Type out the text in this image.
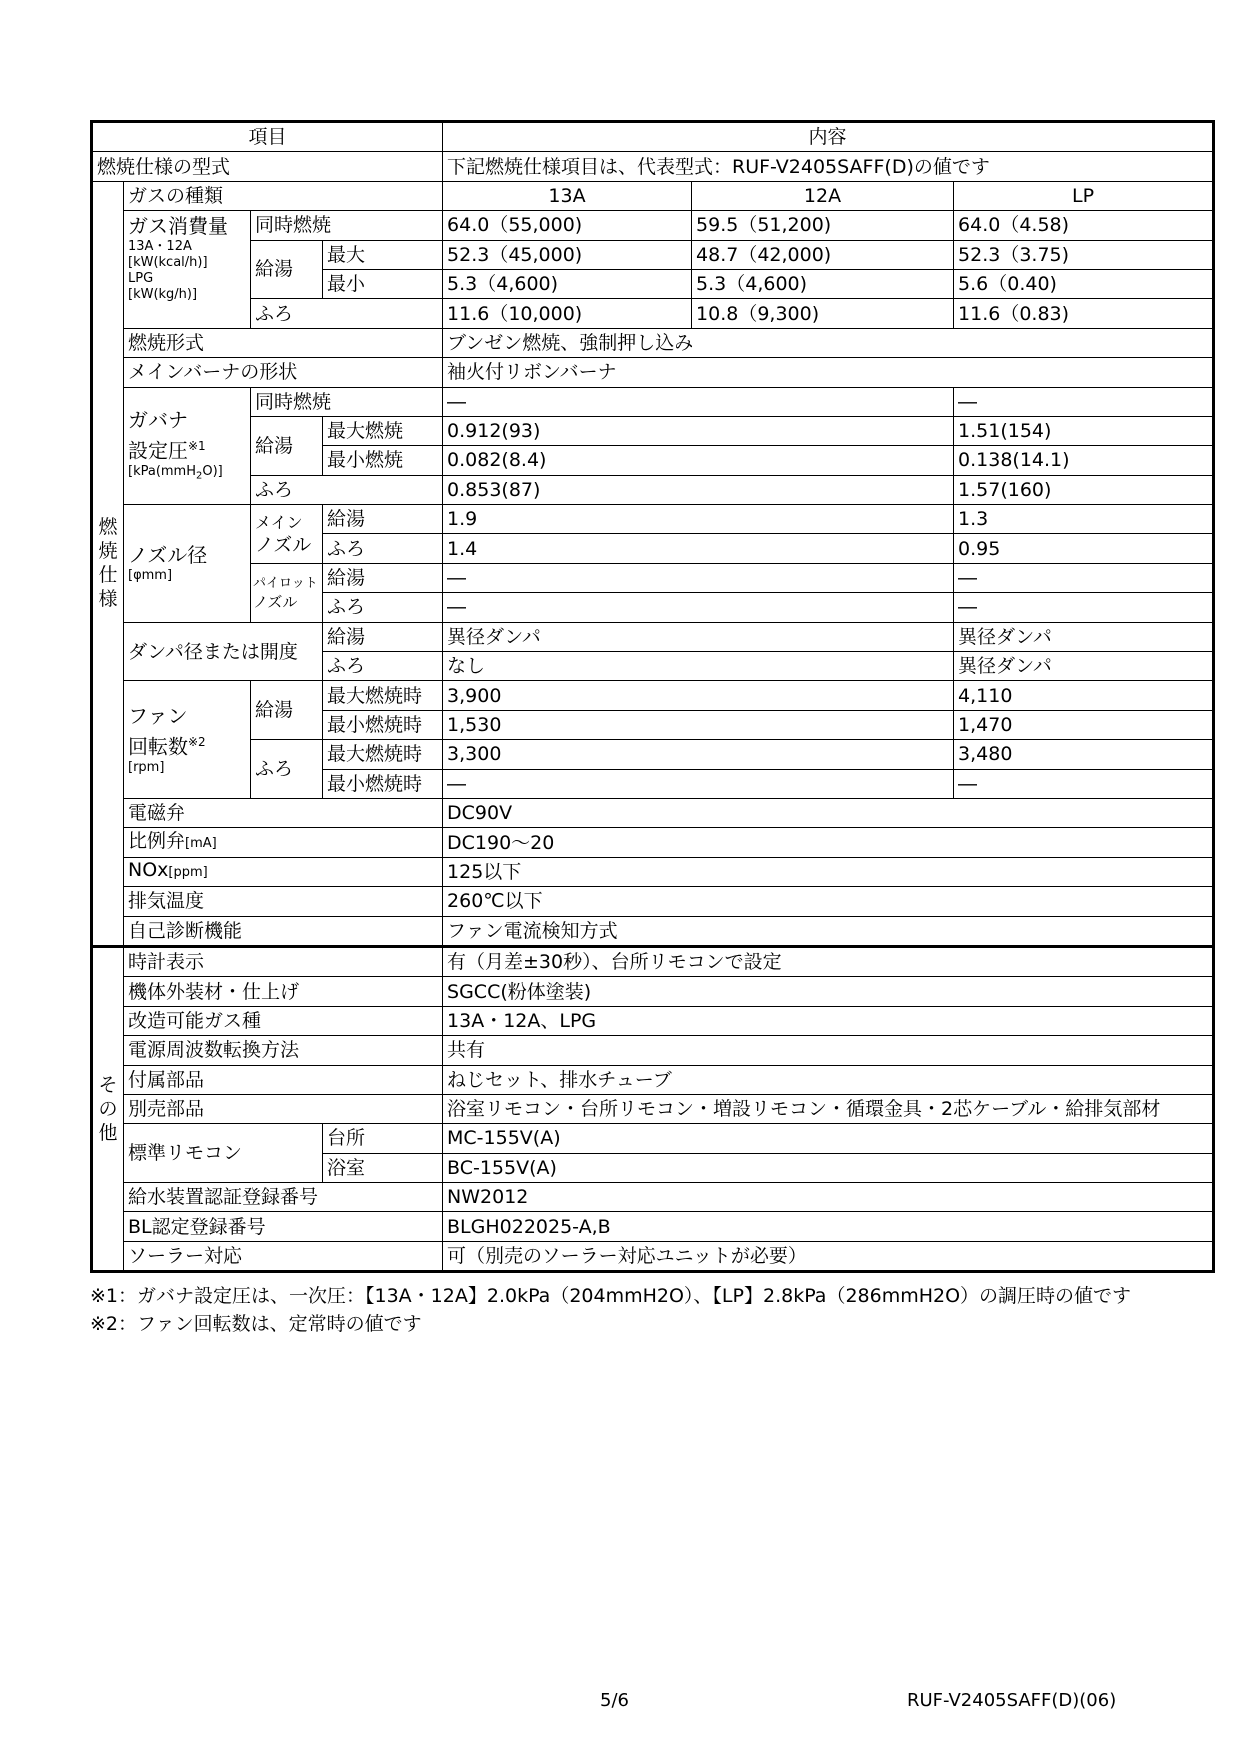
項目				内容		
燃焼仕様の型式				下記燃焼仕様項目は、代表型式：RUF-V2405SAFF(D)の値です		

燃
焼
仕
様	ガスの種類			13A	12A	LP

	ガス消費量
13A・12A
[kW(kcal/h)]
LPG
[kW(kg/h)]	同時燃焼		64.0（55,000)	59.5（51,200)	64.0（4.58)
		給湯	最大	52.3（45,000)	48.7（42,000)	52.3（3.75)
			最小	5.3（4,600)	5.3（4,600)	5.6（0.40)
		ふろ		11.6（10,000)	10.8（9,300)	11.6（0.83)
	燃焼形式			ブンゼン燃焼、強制押し込み		
	メインバーナの形状			袖火付リボンバーナ		

	ガバナ
設定圧$^{※1}$
[kPa(mmH$_2$O)]	同時燃焼		―		―
		給湯	最大燃焼	0.912(93)		1.51(154)
			最小燃焼	0.082(8.4)		0.138(14.1)
		ふろ		0.853(87)		1.57(160)

	ノズル径
[φmm]	メイン
ノズル	給湯	1.9		1.3
			ふろ	1.4		0.95

		パイロット
ノズル	給湯	―		―
			ふろ	―		―
	ダンパ径または開度		給湯	異径ダンパ		異径ダンパ
			ふろ	なし		異径ダンパ

	ファン
回転数$^{※2}$
[rpm]	給湯	最大燃焼時	3,900		4,110
			最小燃焼時	1,530		1,470
		ふろ	最大燃焼時	3,300		3,480
			最小燃焼時	―		―
	電磁弁			DC90V		
	比例弁[mA]			DC190～20		
	NOx[ppm]			125以下		
	排気温度			260℃以下		
	自己診断機能			ファン電流検知方式		

そ
の
他	時計表示			有（月差±30秒）、台所リモコンで設定		
	機体外装材・仕上げ			SGCC(粉体塗装)		
	改造可能ガス種			13A・12A、LPG		
	電源周波数転換方法			共有		
	付属部品			ねじセット、排水チューブ		
	別売部品			浴室リモコン・台所リモコン・増設リモコン・循環金具・2芯ケーブル・給排気部材		
	標準リモコン		台所	MC-155V(A)		
			浴室	BC-155V(A)		
	給水装置認証登録番号			NW2012		
	BL認定登録番号			BLGH022025-A,B		
	ソーラー対応			可（別売のソーラー対応ユニットが必要）		
※1：ガバナ設定圧は、一次圧：【13A・12A】2.0kPa（204mmH2O）、【LP】2.8kPa（286mmH2O）の調圧時の値です
※2：ファン回転数は、定常時の値です
5/6	RUF-V2405SAFF(D)(06)
